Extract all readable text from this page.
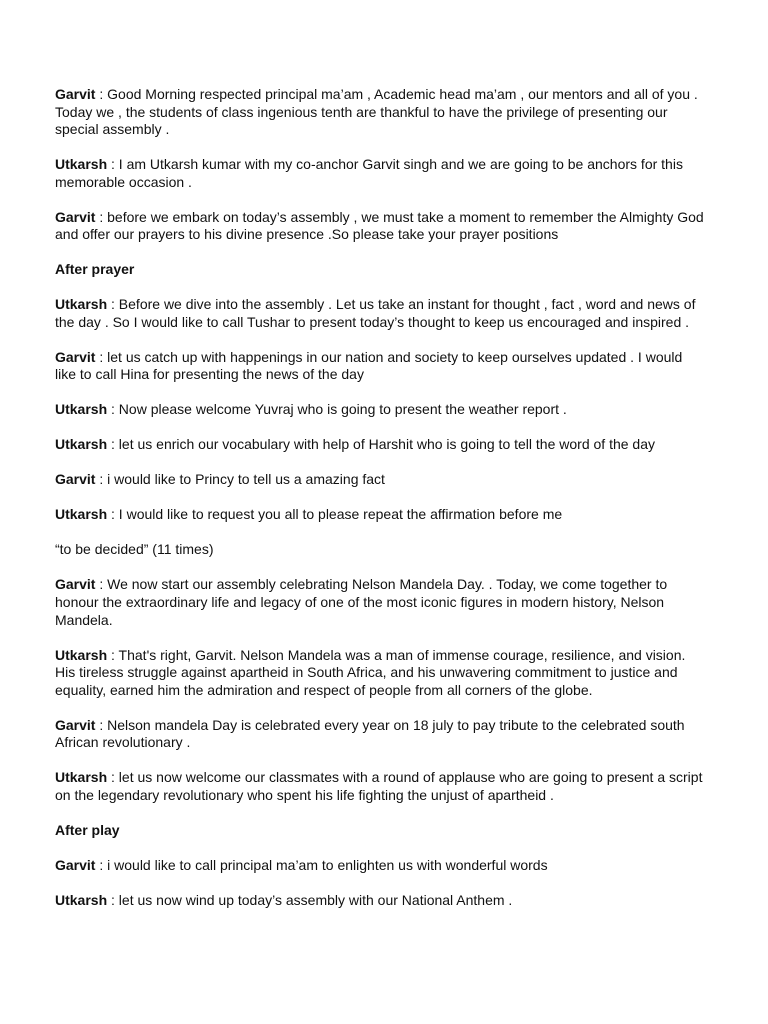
Garvit : Good Morning respected principal ma’am , Academic head ma’am , our mentors and all of you . Today we , the students of class ingenious tenth are thankful to have the privilege of presenting our special assembly .

Utkarsh : I am Utkarsh kumar with my co-anchor Garvit singh and we are going to be anchors for this memorable occasion .

Garvit : before we embark on today’s assembly , we must take a moment to remember the Almighty God and offer our prayers to his divine presence .So please take your prayer positions

After prayer

Utkarsh : Before we dive into the assembly . Let us take an instant for thought , fact , word and news of the day . So I would like to call Tushar to present today’s thought to keep us encouraged and inspired .

Garvit : let us catch up with happenings in our nation and society to keep ourselves updated . I would like to call Hina for presenting the news of the day

Utkarsh : Now please welcome Yuvraj who is going to present the weather report .

Utkarsh : let us enrich our vocabulary with help of Harshit who is going to tell the word of the day

Garvit : i would like to Princy to tell us a amazing fact

Utkarsh : I would like to request you all to please repeat the affirmation before me

“to be decided” (11 times)

Garvit : We now start our assembly celebrating Nelson Mandela Day. . Today, we come together to honour the extraordinary life and legacy of one of the most iconic figures in modern history, Nelson Mandela.

Utkarsh : That's right, Garvit. Nelson Mandela was a man of immense courage, resilience, and vision. His tireless struggle against apartheid in South Africa, and his unwavering commitment to justice and equality, earned him the admiration and respect of people from all corners of the globe.

Garvit : Nelson mandela Day is celebrated every year on 18 july to pay tribute to the celebrated south African revolutionary .

Utkarsh : let us now welcome our classmates with a round of applause who are going to present a script on the legendary revolutionary who spent his life fighting the unjust of apartheid .

After play

Garvit : i would like to call principal ma’am to enlighten us with wonderful words

Utkarsh : let us now wind up today’s assembly with our National Anthem .
